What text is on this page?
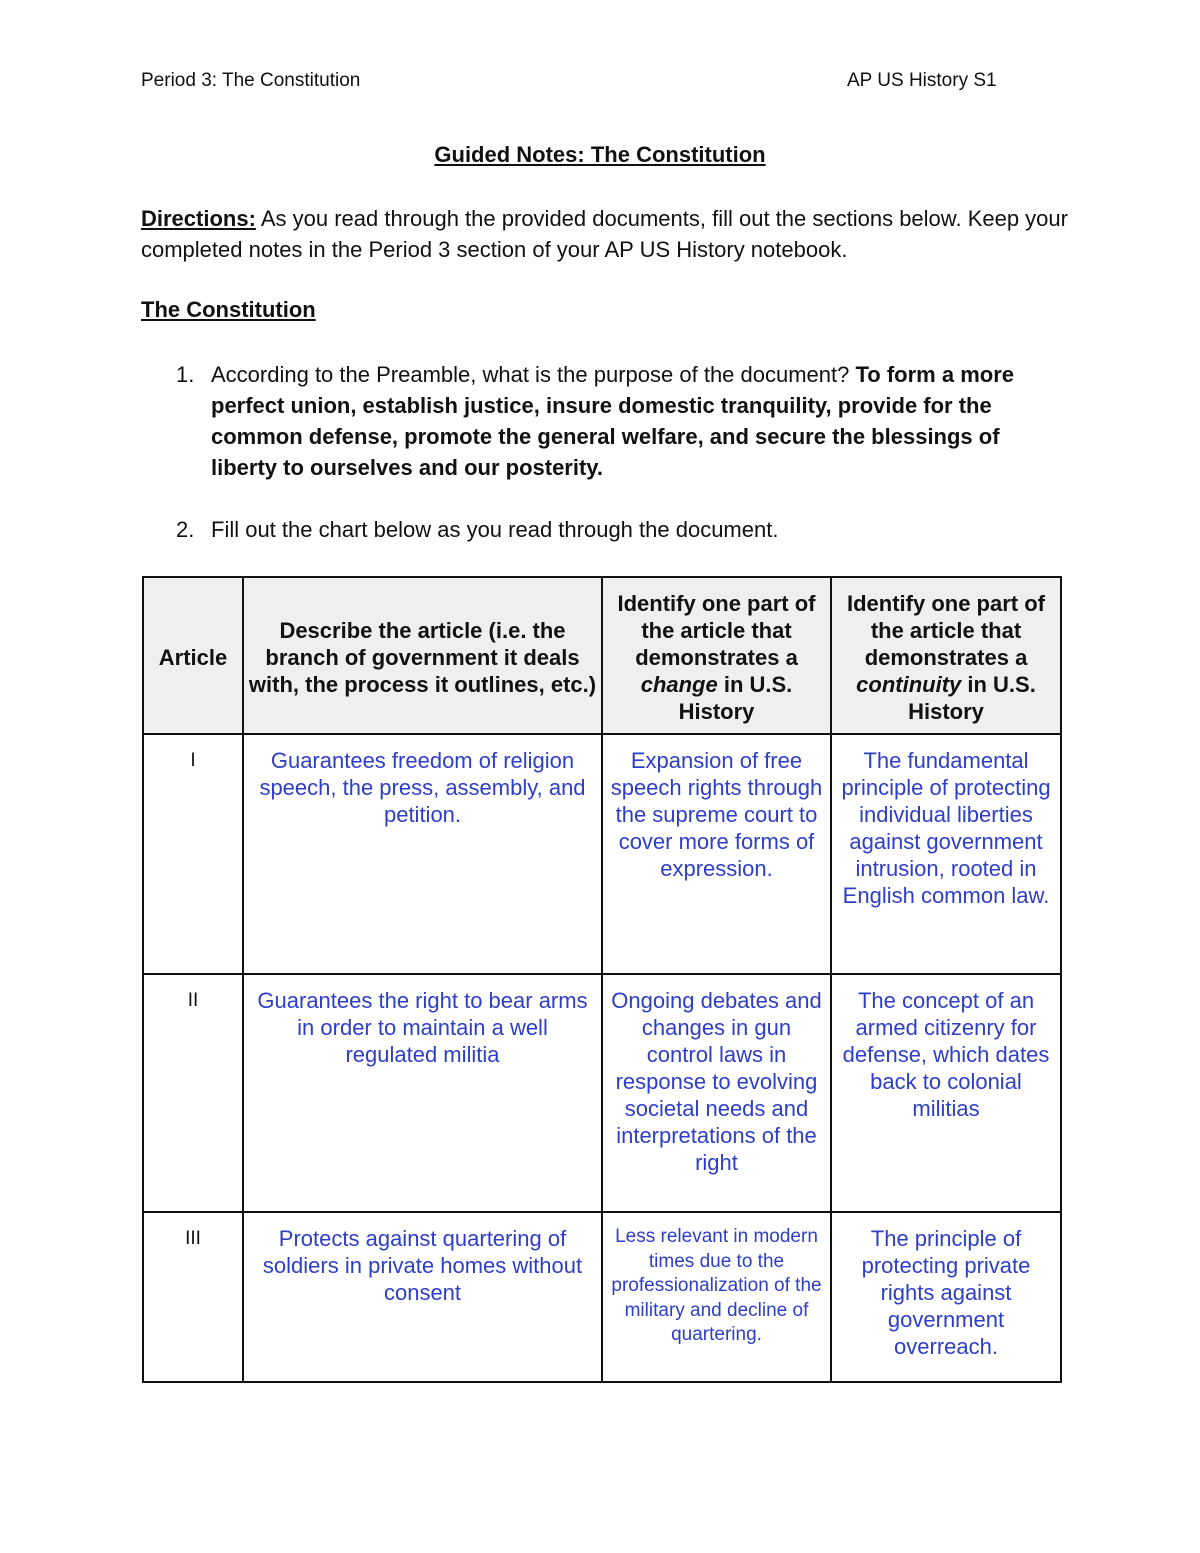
Period 3: The Constitution	AP US History S1
Guided Notes: The Constitution
Directions: As you read through the provided documents, fill out the sections below. Keep your completed notes in the Period 3 section of your AP US History notebook.
The Constitution
1. According to the Preamble, what is the purpose of the document? To form a more perfect union, establish justice, insure domestic tranquility, provide for the common defense, promote the general welfare, and secure the blessings of liberty to ourselves and our posterity.
2. Fill out the chart below as you read through the document.
Article	Describe the article (i.e. the branch of government it deals with, the process it outlines, etc.)	Identify one part of the article that demonstrates a change in U.S. History	Identify one part of the article that demonstrates a continuity in U.S. History
I	Guarantees freedom of religion speech, the press, assembly, and petition.	Expansion of free speech rights through the supreme court to cover more forms of expression.	The fundamental principle of protecting individual liberties against government intrusion, rooted in English common law.
II	Guarantees the right to bear arms in order to maintain a well regulated militia	Ongoing debates and changes in gun control laws in response to evolving societal needs and interpretations of the right	The concept of an armed citizenry for defense, which dates back to colonial militias
III	Protects against quartering of soldiers in private homes without consent	Less relevant in modern times due to the professionalization of the military and decline of quartering.	The principle of protecting private rights against government overreach.
